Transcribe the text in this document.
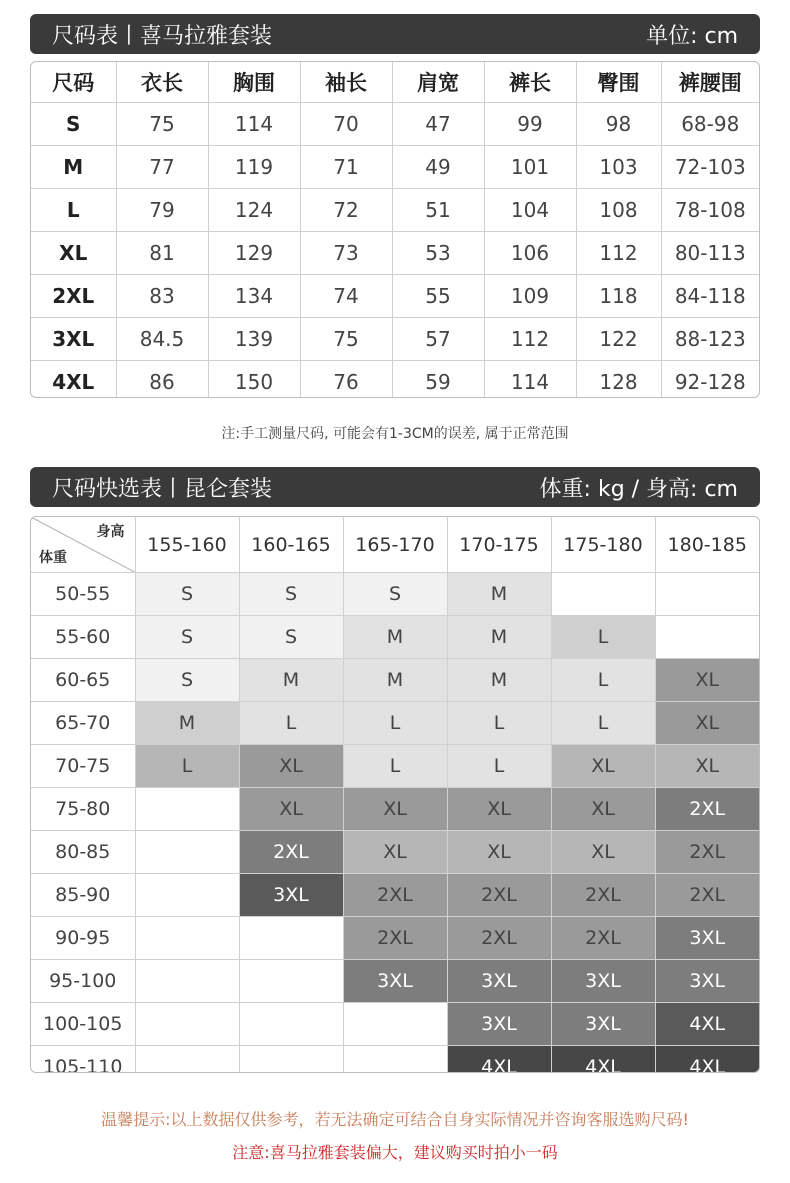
尺码表丨喜马拉雅套装	单位: cm
尺码	衣长	胸围	袖长	肩宽	裤长	臀围	裤腰围
S	75	114	70	47	99	98	68-98
M	77	119	71	49	101	103	72-103
L	79	124	72	51	104	108	78-108
XL	81	129	73	53	106	112	80-113
2XL	83	134	74	55	109	118	84-118
3XL	84.5	139	75	57	112	122	88-123
4XL	86	150	76	59	114	128	92-128
注:手工测量尺码, 可能会有1-3CM的误差, 属于正常范围
尺码快选表丨昆仑套装	体重: kg / 身高: cm
身高
体重	155-160	160-165	165-170	170-175	175-180	180-185
50-55	S	S	S	M		
55-60	S	S	M	M	L	
60-65	S	M	M	M	L	XL
65-70	M	L	L	L	L	XL
70-75	L	XL	L	L	XL	XL
75-80		XL	XL	XL	XL	2XL
80-85		2XL	XL	XL	XL	2XL
85-90		3XL	2XL	2XL	2XL	2XL
90-95			2XL	2XL	2XL	3XL
95-100			3XL	3XL	3XL	3XL
100-105				3XL	3XL	4XL
105-110				4XL	4XL	4XL
温馨提示:以上数据仅供参考，若无法确定可结合自身实际情况并咨询客服选购尺码!
注意:喜马拉雅套装偏大，建议购买时拍小一码
